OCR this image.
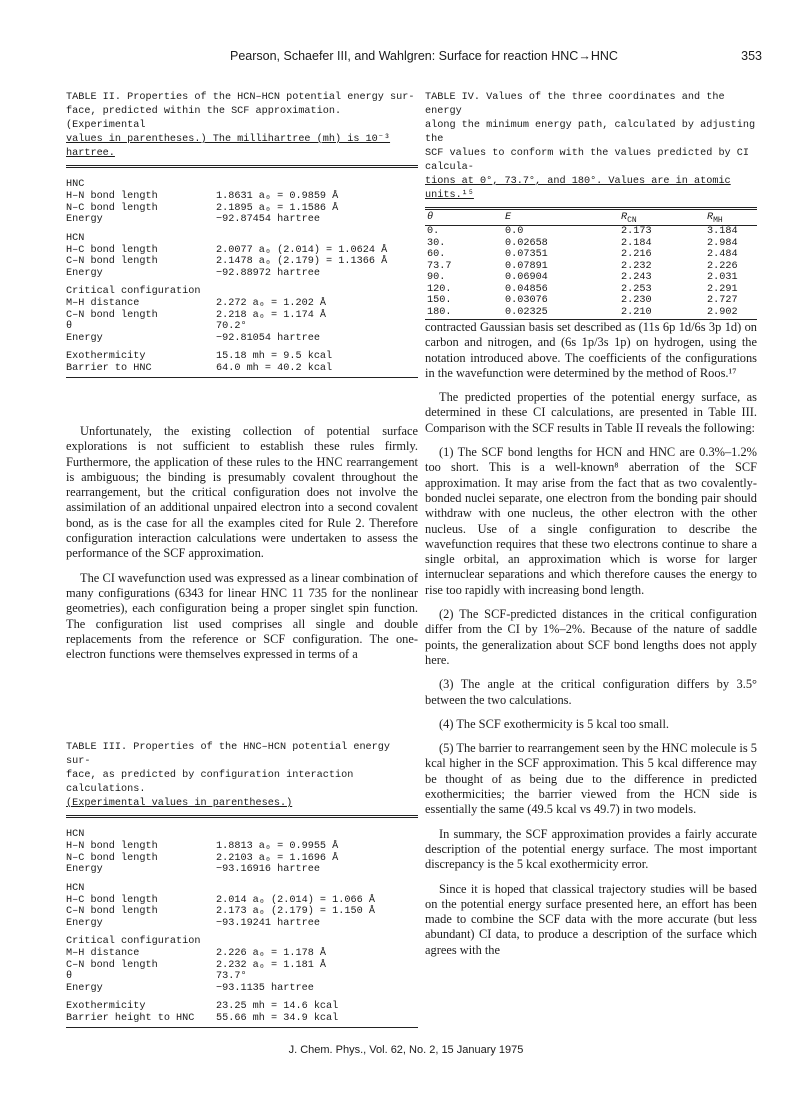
Pearson, Schaefer III, and Wahlgren: Surface for reaction HNC→HNC	353
TABLE II. Properties of the HCN–HCN potential energy sur-
face, predicted within the SCF approximation. (Experimental
values in parentheses.) The millihartree (mh) is 10⁻³ hartree.
HNC
H–N bond length	1.8631 a₀ = 0.9859 Å
N–C bond length	2.1895 a₀ = 1.1586 Å
Energy	−92.87454 hartree
HCN
H–C bond length	2.0077 a₀ (2.014) = 1.0624 Å
C–N bond length	2.1478 a₀ (2.179) = 1.1366 Å
Energy	−92.88972 hartree
Critical configuration
M–H distance	2.272 a₀ = 1.202 Å
C–N bond length	2.218 a₀ = 1.174 Å
θ	70.2°
Energy	−92.81054 hartree
Exothermicity	15.18 mh = 9.5 kcal
Barrier to HNC	64.0 mh = 40.2 kcal

Unfortunately, the existing collection of potential surface explorations is not sufficient to establish these rules firmly. Furthermore, the application of these rules to the HNC rearrangement is ambiguous; the binding is presumably covalent throughout the rearrangement, but the critical configuration does not involve the assimilation of an additional unpaired electron into a second covalent bond, as is the case for all the examples cited for Rule 2. Therefore configuration interaction calculations were undertaken to assess the performance of the SCF approximation.

The CI wavefunction used was expressed as a linear combination of many configurations (6343 for linear HNC 11 735 for the nonlinear geometries), each configuration being a proper singlet spin function. The configuration list used comprises all single and double replacements from the reference or SCF configuration. The one-electron functions were themselves expressed in terms of a

TABLE III. Properties of the HNC–HCN potential energy sur-
face, as predicted by configuration interaction calculations.
(Experimental values in parentheses.)
HCN
H–N bond length	1.8813 a₀ = 0.9955 Å
N–C bond length	2.2103 a₀ = 1.1696 Å
Energy	−93.16916 hartree
HCN
H–C bond length	2.014 a₀ (2.014) = 1.066 Å
C–N bond length	2.173 a₀ (2.179) = 1.150 Å
Energy	−93.19241 hartree
Critical configuration
M–H distance	2.226 a₀ = 1.178 Å
C–N bond length	2.232 a₀ = 1.181 Å
θ	73.7°
Energy	−93.1135 hartree
Exothermicity	23.25 mh = 14.6 kcal
Barrier height to HNC 55.66 mh = 34.9 kcal
TABLE IV. Values of the three coordinates and the energy
along the minimum energy path, calculated by adjusting the
SCF values to conform with the values predicted by CI calcula-
tions at 0°, 73.7°, and 180°. Values are in atomic units.¹⁵
θ	E	$R_{CN}$	$R_{MH}$
0.	0.0	2.173	3.184
30.	0.02658	2.184	2.984
60.	0.07351	2.216	2.484
73.7	0.07891	2.232	2.226
90.	0.06904	2.243	2.031
120.	0.04856	2.253	2.291
150.	0.03076	2.230	2.727
180.	0.02325	2.210	2.902

contracted Gaussian basis set described as (11s 6p 1d/6s 3p 1d) on carbon and nitrogen, and (6s 1p/3s 1p) on hydrogen, using the notation introduced above. The coefficients of the configurations in the wavefunction were determined by the method of Roos.¹⁷

The predicted properties of the potential energy surface, as determined in these CI calculations, are presented in Table III. Comparison with the SCF results in Table II reveals the following:

(1) The SCF bond lengths for HCN and HNC are 0.3%–1.2% too short. This is a well-known⁸ aberration of the SCF approximation. It may arise from the fact that as two covalently-bonded nuclei separate, one electron from the bonding pair should withdraw with one nucleus, the other electron with the other nucleus. Use of a single configuration to describe the wavefunction requires that these two electrons continue to share a single orbital, an approximation which is worse for larger internuclear separations and which therefore causes the energy to rise too rapidly with increasing bond length.

(2) The SCF-predicted distances in the critical configuration differ from the CI by 1%–2%. Because of the nature of saddle points, the generalization about SCF bond lengths does not apply here.

(3) The angle at the critical configuration differs by 3.5° between the two calculations.

(4) The SCF exothermicity is 5 kcal too small.

(5) The barrier to rearrangement seen by the HNC molecule is 5 kcal higher in the SCF approximation. This 5 kcal difference may be thought of as being due to the difference in predicted exothermicities; the barrier viewed from the HCN side is essentially the same (49.5 kcal vs 49.7) in two models.

In summary, the SCF approximation provides a fairly accurate description of the potential energy surface. The most important discrepancy is the 5 kcal exothermicity error.

Since it is hoped that classical trajectory studies will be based on the potential energy surface presented here, an effort has been made to combine the SCF data with the more accurate (but less abundant) CI data, to produce a description of the surface which agrees with the

J. Chem. Phys., Vol. 62, No. 2, 15 January 1975
